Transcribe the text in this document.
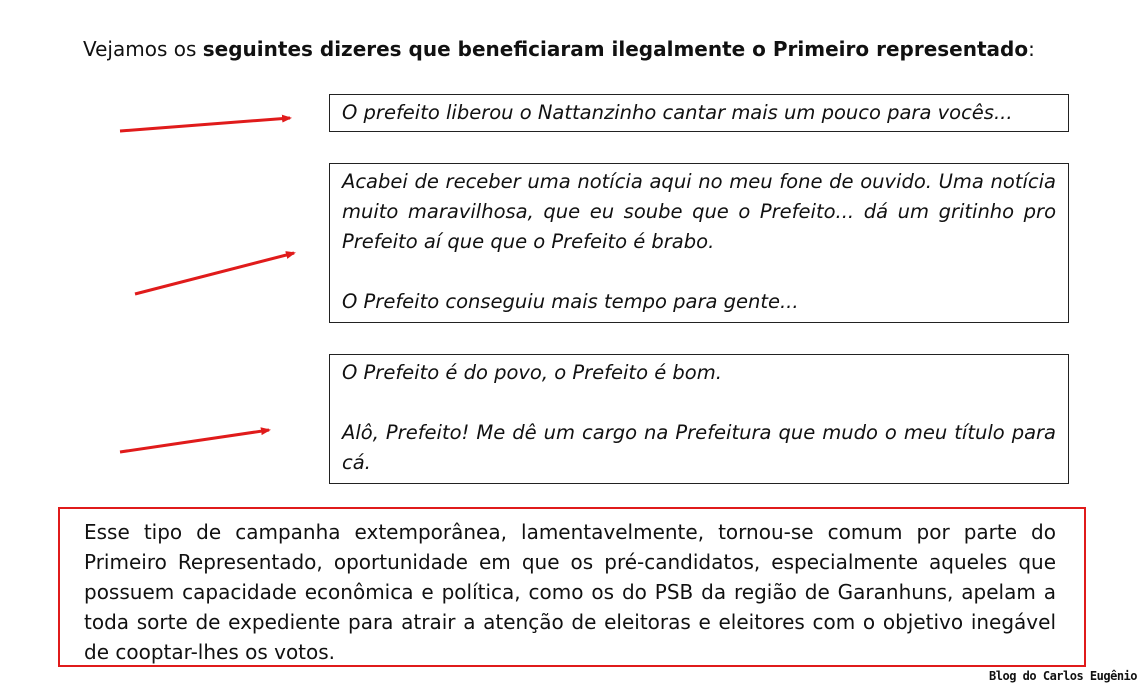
Vejamos os seguintes dizeres que beneficiaram ilegalmente o Primeiro representado:

O prefeito liberou o Nattanzinho cantar mais um pouco para vocês...

Acabei de receber uma notícia aqui no meu fone de ouvido. Uma notícia muito maravilhosa, que eu soube que o Prefeito... dá um gritinho pro Prefeito aí que que o Prefeito é brabo.

O Prefeito conseguiu mais tempo para gente...

O Prefeito é do povo, o Prefeito é bom.

Alô, Prefeito! Me dê um cargo na Prefeitura que mudo o meu título para cá.

Esse tipo de campanha extemporânea, lamentavelmente, tornou-se comum por parte do Primeiro Representado, oportunidade em que os pré-candidatos, especialmente aqueles que possuem capacidade econômica e política, como os do PSB da região de Garanhuns, apelam a toda sorte de expediente para atrair a atenção de eleitoras e eleitores com o objetivo inegável de cooptar-lhes os votos.
Blog do Carlos Eugênio
